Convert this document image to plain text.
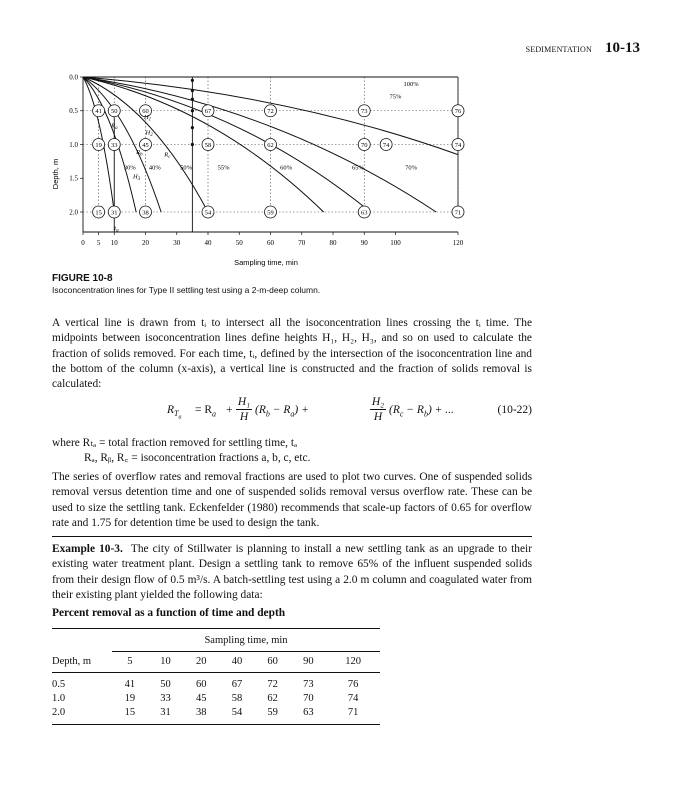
SEDIMENTATION 10-13
30% 40%	50%	55%	60%	65%	70%
75%
100%
41 50	60	67	72	73	76
19 33	45	58	62	70 74	74
15 31	38	54	59	63	71
$H_1$
$H_2$
$H_3$
$R_a$
$R_b$	$R_c$
$t_a$
0 5 10	20	30	40	50	60	70	80	90	100	120
0.0
0.5
1.0
1.5
2.0
Sampling time, min
Depth, m
FIGURE 10-8
Isoconcentration lines for Type II settling test using a 2-m-deep column.
A vertical line is drawn from tᵢ to intersect all the isoconcentration lines crossing the tᵢ time. The midpoints between isoconcentration lines define heights H₁, H₂, H₃, and so on used to calculate the fraction of solids removed. For each time, tᵢ, defined by the intersection of the isoconcentration line and the bottom of the column (x-axis), a vertical line is constructed and the fraction of solids removal is calculated:
$R_{T_a}$
= $R_a$ +
H₁
H
$(R_b - R_a)$ +
H₂
H
$(R_c - R_b)$ + ...	(10-22)
where Rₜₐ = total fraction removed for settling time, tₐ
Rₐ, Rᵦ, R꜀ = isoconcentration fractions a, b, c, etc.
The series of overflow rates and removal fractions are used to plot two curves. One of suspended solids removal versus detention time and one of suspended solids removal versus overflow rate. These can be used to size the settling tank. Eckenfelder (1980) recommends that scale-up factors of 0.65 for overflow rate and 1.75 for detention time be used to design the tank.
Example 10-3. The city of Stillwater is planning to install a new settling tank as an upgrade to their existing water treatment plant. Design a settling tank to remove 65% of the influent suspended solids from their design flow of 0.5 m³/s. A batch-settling test using a 2.0 m column and coagulated water from their existing plant yielded the following data:
Percent removal as a function of time and depth
	Sampling time, min						
Depth, m	5	10	20	40	60	90	120
0.5	41	50	60	67	72	73	76
1.0	19	33	45	58	62	70	74
2.0	15	31	38	54	59	63	71
